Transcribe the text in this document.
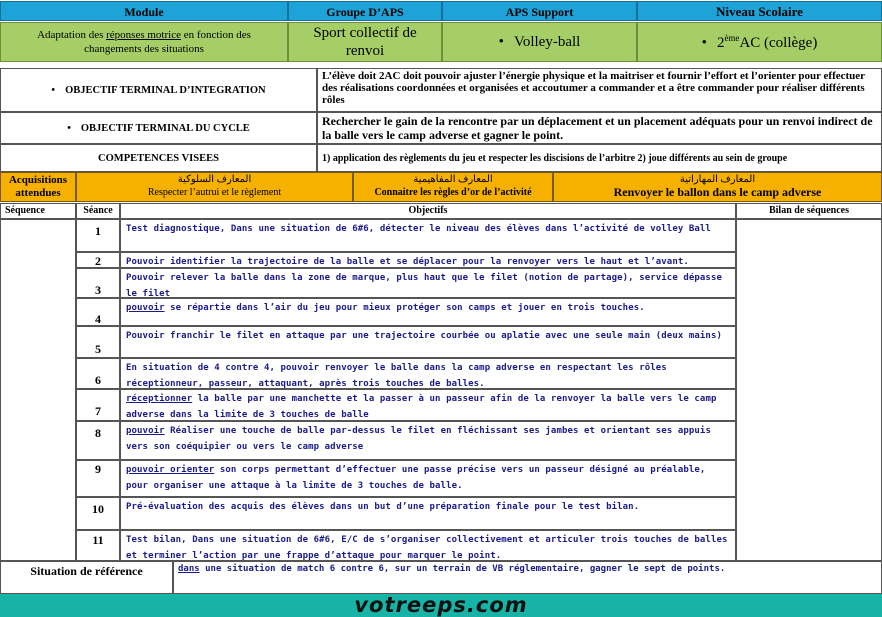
Module	Groupe D’APS	APS Support	Niveau Scolaire
Adaptation des réponses motrice en fonction des changements des situations
Sport collectif de renvoi
• Volley-ball
•	2èmeAC (collège)
• OBJECTIF TERMINAL D’INTEGRATION
L’élève doit 2AC doit pouvoir ajuster l’énergie physique et la maitriser et fournir l’effort et l’orienter pour effectuer des réalisations coordonnées et organisées et accoutumer a commander et a être commander pour réaliser différents rôles
• OBJECTIF TERMINAL DU CYCLE	Rechercher le gain de la rencontre par un déplacement et un placement adéquats pour un renvoi indirect de la balle vers le camp adverse et gagner le point.
COMPETENCES VISEES	1) application des règlements du jeu et respecter les discisions de l’arbitre 2) joue différents au sein de groupe
Acquisitions attendues
المعارف السلوكية
Respecter l’autrui et le règlement
المعارف المفاهيمية
Connaitre les règles d’or de l’activité
المعارف المهاراتية
Renvoyer le ballon dans le camp adverse
Séquence	Séance	Objectifs	Bilan de séquences
1	Test diagnostique, Dans une situation de 6#6, détecter le niveau des élèves dans l’activité de volley Ball
2	Pouvoir identifier la trajectoire de la balle et se déplacer pour la renvoyer vers le haut et l’avant.
3
Pouvoir relever la balle dans la zone de marque, plus haut que le filet (notion de partage), service dépasse le filet
4
pouvoir se répartie dans l’air du jeu pour mieux protéger son camps et jouer en trois touches.
5
Pouvoir franchir le filet en attaque par une trajectoire courbée ou aplatie avec une seule main (deux mains)
6
En situation de 4 contre 4, pouvoir renvoyer le balle dans la camp adverse en respectant les rôles réceptionneur, passeur, attaquant, après trois touches de balles.
7
réceptionner la balle par une manchette et la passer à un passeur afin de la renvoyer la balle vers le camp adverse dans la limite de 3 touches de balle
8	pouvoir Réaliser une touche de balle par-dessus le filet en fléchissant ses jambes et orientant ses appuis vers son coéquipier ou vers le camp adverse
9	pouvoir orienter son corps permettant d’effectuer une passe précise vers un passeur désigné au préalable, pour organiser une attaque à la limite de 3 touches de balle.
10	Pré-évaluation des acquis des élèves dans un but d’une préparation finale pour le test bilan.
11	Test bilan, Dans une situation de 6#6, E/C de s’organiser collectivement et articuler trois touches de balles et terminer l’action par une frappe d’attaque pour marquer le point.
Situation de référence	dans une situation de match 6 contre 6, sur un terrain de VB réglementaire, gagner le sept de points.
votreeps.com
